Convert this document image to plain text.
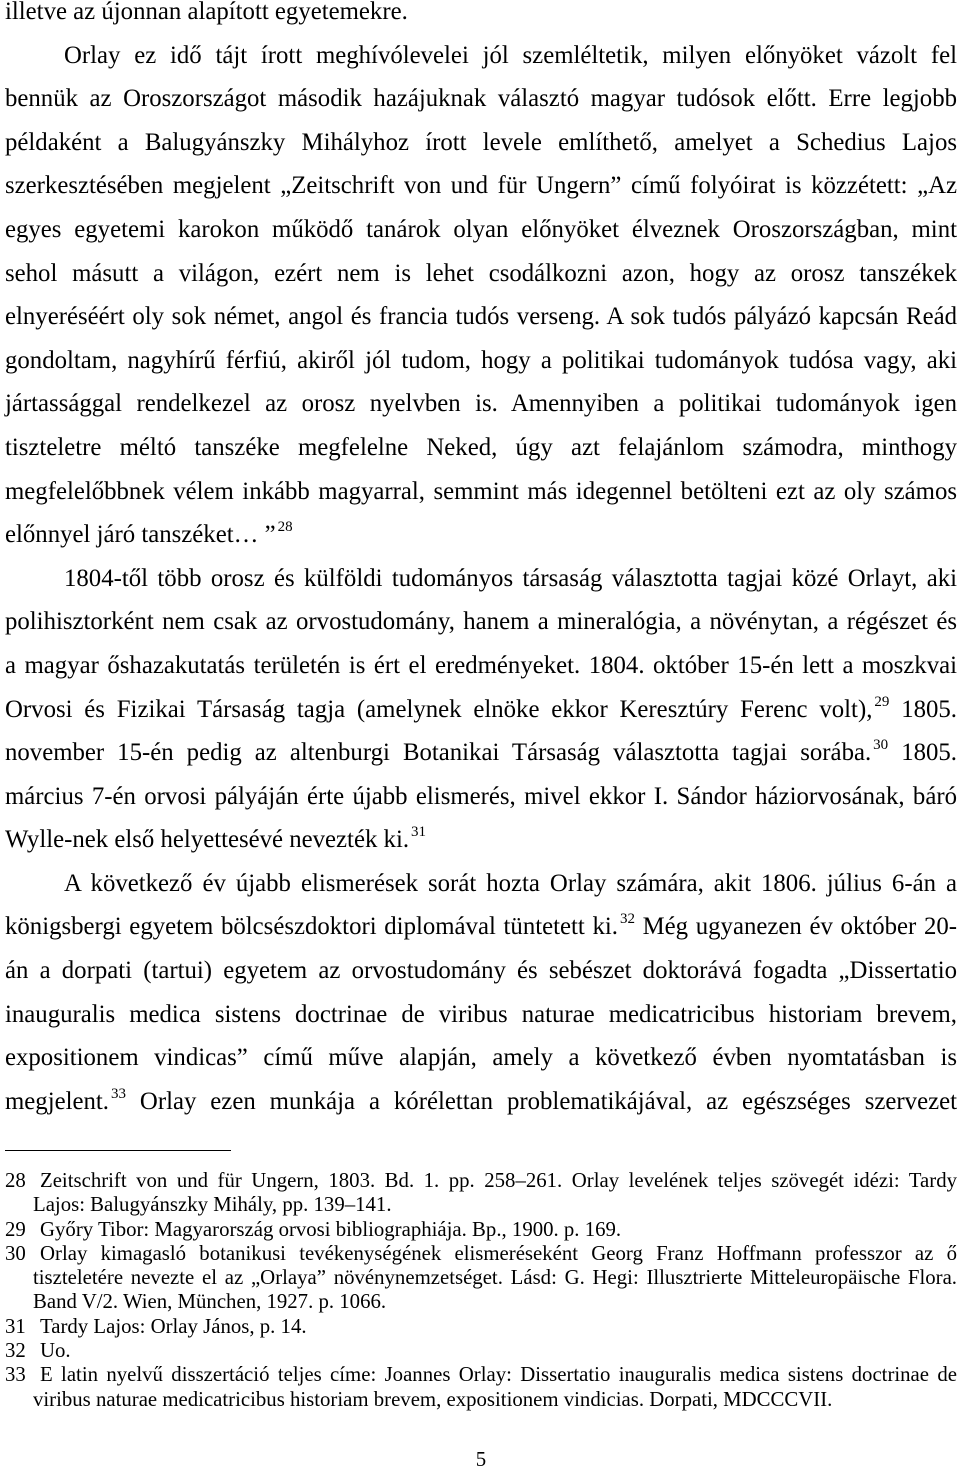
illetve az újonnan alapított egyetemekre.
Orlay ez idő tájt írott meghívólevelei jól szemléltetik, milyen előnyöket vázolt fel
bennük az Oroszországot második hazájuknak választó magyar tudósok előtt. Erre legjobb
példaként a Balugyánszky Mihályhoz írott levele említhető, amelyet a Schedius Lajos
szerkesztésében megjelent „Zeitschrift von und für Ungern” című folyóirat is közzétett: „Az
egyes egyetemi karokon működő tanárok olyan előnyöket élveznek Oroszországban, mint
sehol másutt a világon, ezért nem is lehet csodálkozni azon, hogy az orosz tanszékek
elnyeréséért oly sok német, angol és francia tudós verseng. A sok tudós pályázó kapcsán Reád
gondoltam, nagyhírű férfiú, akiről jól tudom, hogy a politikai tudományok tudósa vagy, aki
jártassággal rendelkezel az orosz nyelvben is. Amennyiben a politikai tudományok igen
tiszteletre méltó tanszéke megfelelne Neked, úgy azt felajánlom számodra, minthogy
megfelelőbbnek vélem inkább magyarral, semmint más idegennel betölteni ezt az oly számos
előnnyel járó tanszéket… ” $^{28}$
1804-től több orosz és külföldi tudományos társaság választotta tagjai közé Orlayt, aki
polihisztorként nem csak az orvostudomány, hanem a mineralógia, a növénytan, a régészet és
a magyar őshazakutatás területén is ért el eredményeket. 1804. október 15-én lett a moszkvai
Orvosi és Fizikai Társaság tagja (amelynek elnöke ekkor Keresztúry Ferenc volt), $^{29}$ 1805.
november 15-én pedig az altenburgi Botanikai Társaság választotta tagjai sorába. $^{30}$ 1805.
március 7-én orvosi pályáján érte újabb elismerés, mivel ekkor I. Sándor háziorvosának, báró
Wylle-nek első helyettesévé nevezték ki. $^{31}$
A következő év újabb elismerések sorát hozta Orlay számára, akit 1806. július 6-án a
königsbergi egyetem bölcsészdoktori diplomával tüntetett ki. $^{32}$ Még ugyanezen év október 20-
án a dorpati (tartui) egyetem az orvostudomány és sebészet doktorává fogadta „Dissertatio
inauguralis medica sistens doctrinae de viribus naturae medicatricibus historiam brevem,
expositionem vindicas” című műve alapján, amely a következő évben nyomtatásban is
megjelent. $^{33}$ Orlay ezen munkája a kórélettan problematikájával, az egészséges szervezet
28 Zeitschrift von und für Ungern, 1803. Bd. 1. pp. 258–261. Orlay levelének teljes szövegét idézi: Tardy
Lajos: Balugyánszky Mihály, pp. 139–141.
29 Győry Tibor: Magyarország orvosi bibliographiája. Bp., 1900. p. 169.
30 Orlay kimagasló botanikusi tevékenységének elismeréseként Georg Franz Hoffmann professzor az ő
tiszteletére nevezte el az „Orlaya” növénynemzetséget. Lásd: G. Hegi: Illusztrierte Mitteleuropäische Flora.
Band V/2. Wien, München, 1927. p. 1066.
31 Tardy Lajos: Orlay János, p. 14.
32 Uo.
33 E latin nyelvű disszertáció teljes címe: Joannes Orlay: Dissertatio inauguralis medica sistens doctrinae de
viribus naturae medicatricibus historiam brevem, expositionem vindicias. Dorpati, MDCCCVII.
5
